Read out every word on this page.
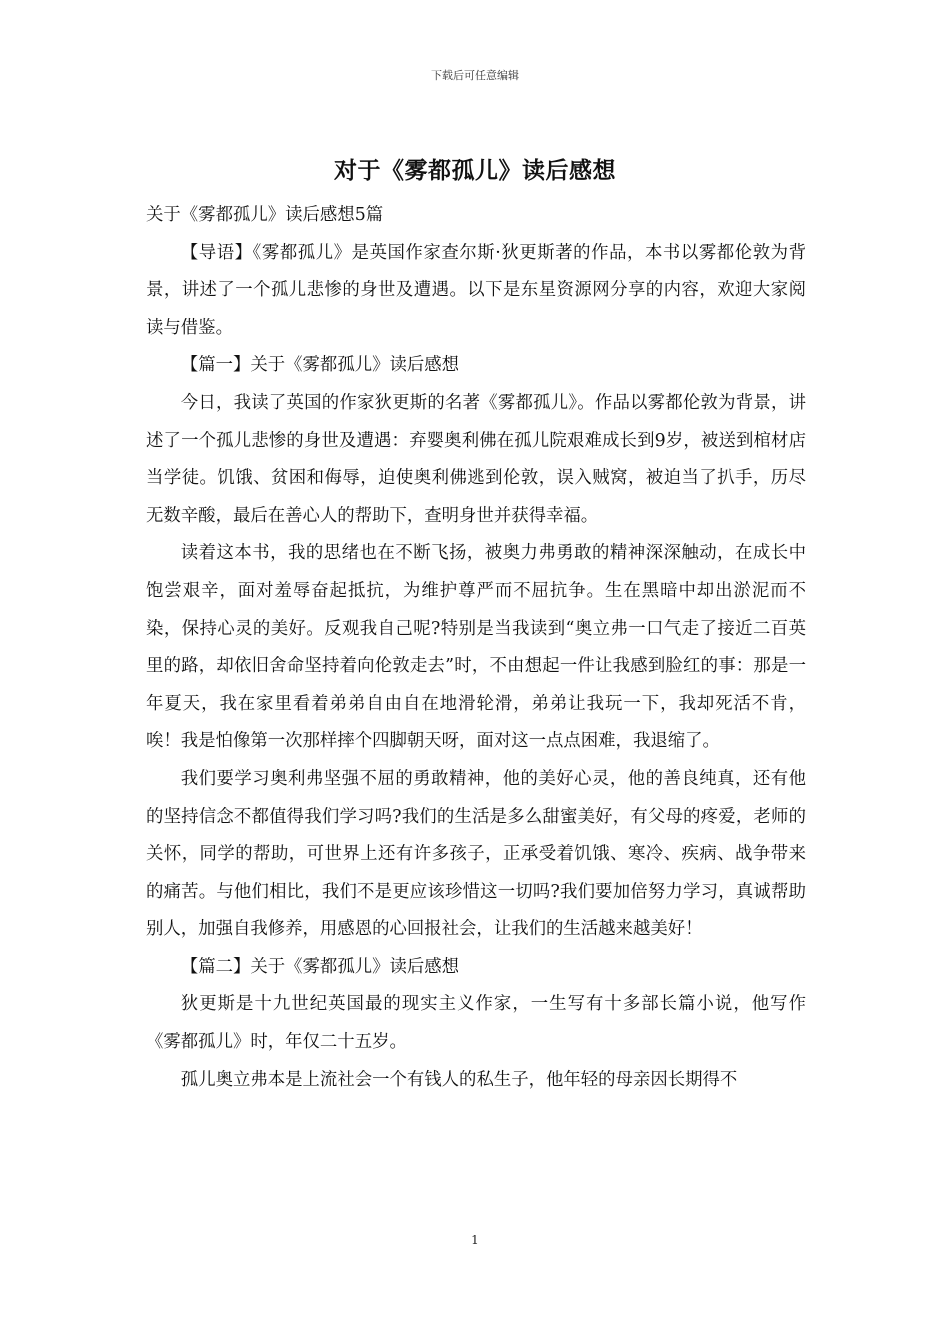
下载后可任意编辑
对于《雾都孤儿》读后感想

关于《雾都孤儿》读后感想5篇

【导语】《雾都孤儿》是英国作家查尔斯·狄更斯著的作品，本书以雾都伦敦为背景，讲述了一个孤儿悲惨的身世及遭遇。以下是东星资源网分享的内容，欢迎大家阅读与借鉴。

【篇一】关于《雾都孤儿》读后感想

今日，我读了英国的作家狄更斯的名著《雾都孤儿》。作品以雾都伦敦为背景，讲述了一个孤儿悲惨的身世及遭遇：弃婴奥利佛在孤儿院艰难成长到9岁，被送到棺材店当学徒。饥饿、贫困和侮辱，迫使奥利佛逃到伦敦，误入贼窝，被迫当了扒手，历尽无数辛酸，最后在善心人的帮助下，查明身世并获得幸福。

读着这本书，我的思绪也在不断飞扬，被奥力弗勇敢的精神深深触动，在成长中饱尝艰辛，面对羞辱奋起抵抗，为维护尊严而不屈抗争。生在黑暗中却出淤泥而不染，保持心灵的美好。反观我自己呢?特别是当我读到“奥立弗一口气走了接近二百英里的路，却依旧舍命坚持着向伦敦走去”时，不由想起一件让我感到脸红的事：那是一年夏天，我在家里看着弟弟自由自在地滑轮滑，弟弟让我玩一下，我却死活不肯，唉！我是怕像第一次那样摔个四脚朝天呀，面对这一点点困难，我退缩了。

我们要学习奥利弗坚强不屈的勇敢精神，他的美好心灵，他的善良纯真，还有他的坚持信念不都值得我们学习吗?我们的生活是多么甜蜜美好，有父母的疼爱，老师的关怀，同学的帮助，可世界上还有许多孩子，正承受着饥饿、寒冷、疾病、战争带来的痛苦。与他们相比，我们不是更应该珍惜这一切吗?我们要加倍努力学习，真诚帮助别人，加强自我修养，用感恩的心回报社会，让我们的生活越来越美好！

【篇二】关于《雾都孤儿》读后感想

狄更斯是十九世纪英国最的现实主义作家，一生写有十多部长篇小说，他写作《雾都孤儿》时，年仅二十五岁。

孤儿奥立弗本是上流社会一个有钱人的私生子，他年轻的母亲因长期得不

1
